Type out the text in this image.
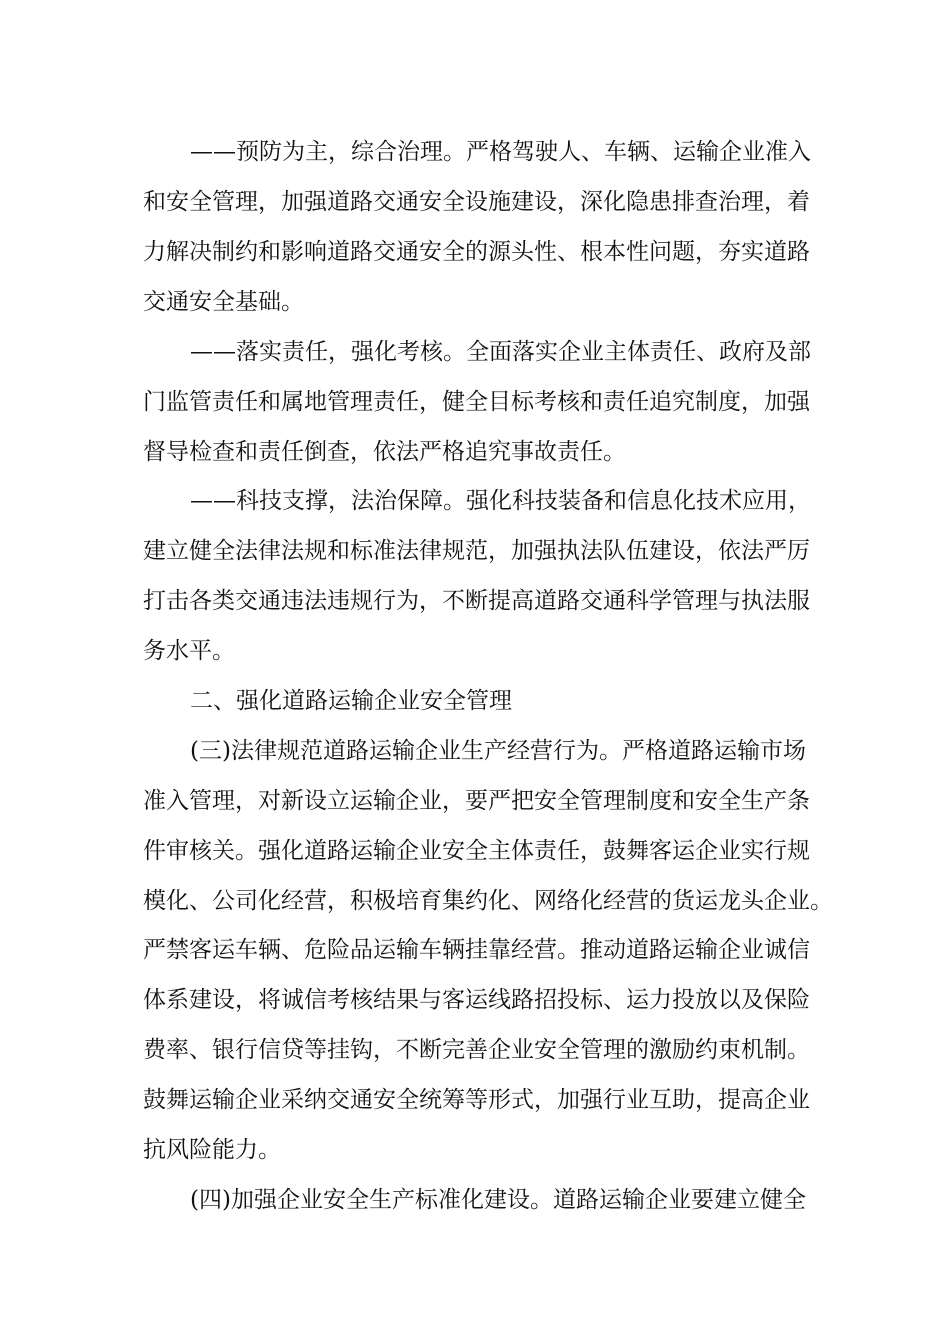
——预防为主，综合治理。严格驾驶人、车辆、运输企业准入
和安全管理，加强道路交通安全设施建设，深化隐患排查治理，着
力解决制约和影响道路交通安全的源头性、根本性问题，夯实道路
交通安全基础。
——落实责任，强化考核。全面落实企业主体责任、政府及部
门监管责任和属地管理责任，健全目标考核和责任追究制度，加强
督导检查和责任倒查，依法严格追究事故责任。
——科技支撑，法治保障。强化科技装备和信息化技术应用，
建立健全法律法规和标准法律规范，加强执法队伍建设，依法严厉
打击各类交通违法违规行为，不断提高道路交通科学管理与执法服
务水平。
二、强化道路运输企业安全管理
(三)法律规范道路运输企业生产经营行为。严格道路运输市场
准入管理，对新设立运输企业，要严把安全管理制度和安全生产条
件审核关。强化道路运输企业安全主体责任，鼓舞客运企业实行规
模化、公司化经营，积极培育集约化、网络化经营的货运龙头企业。
严禁客运车辆、危险品运输车辆挂靠经营。推动道路运输企业诚信
体系建设，将诚信考核结果与客运线路招投标、运力投放以及保险
费率、银行信贷等挂钩，不断完善企业安全管理的激励约束机制。
鼓舞运输企业采纳交通安全统筹等形式，加强行业互助，提高企业
抗风险能力。
(四)加强企业安全生产标准化建设。道路运输企业要建立健全
